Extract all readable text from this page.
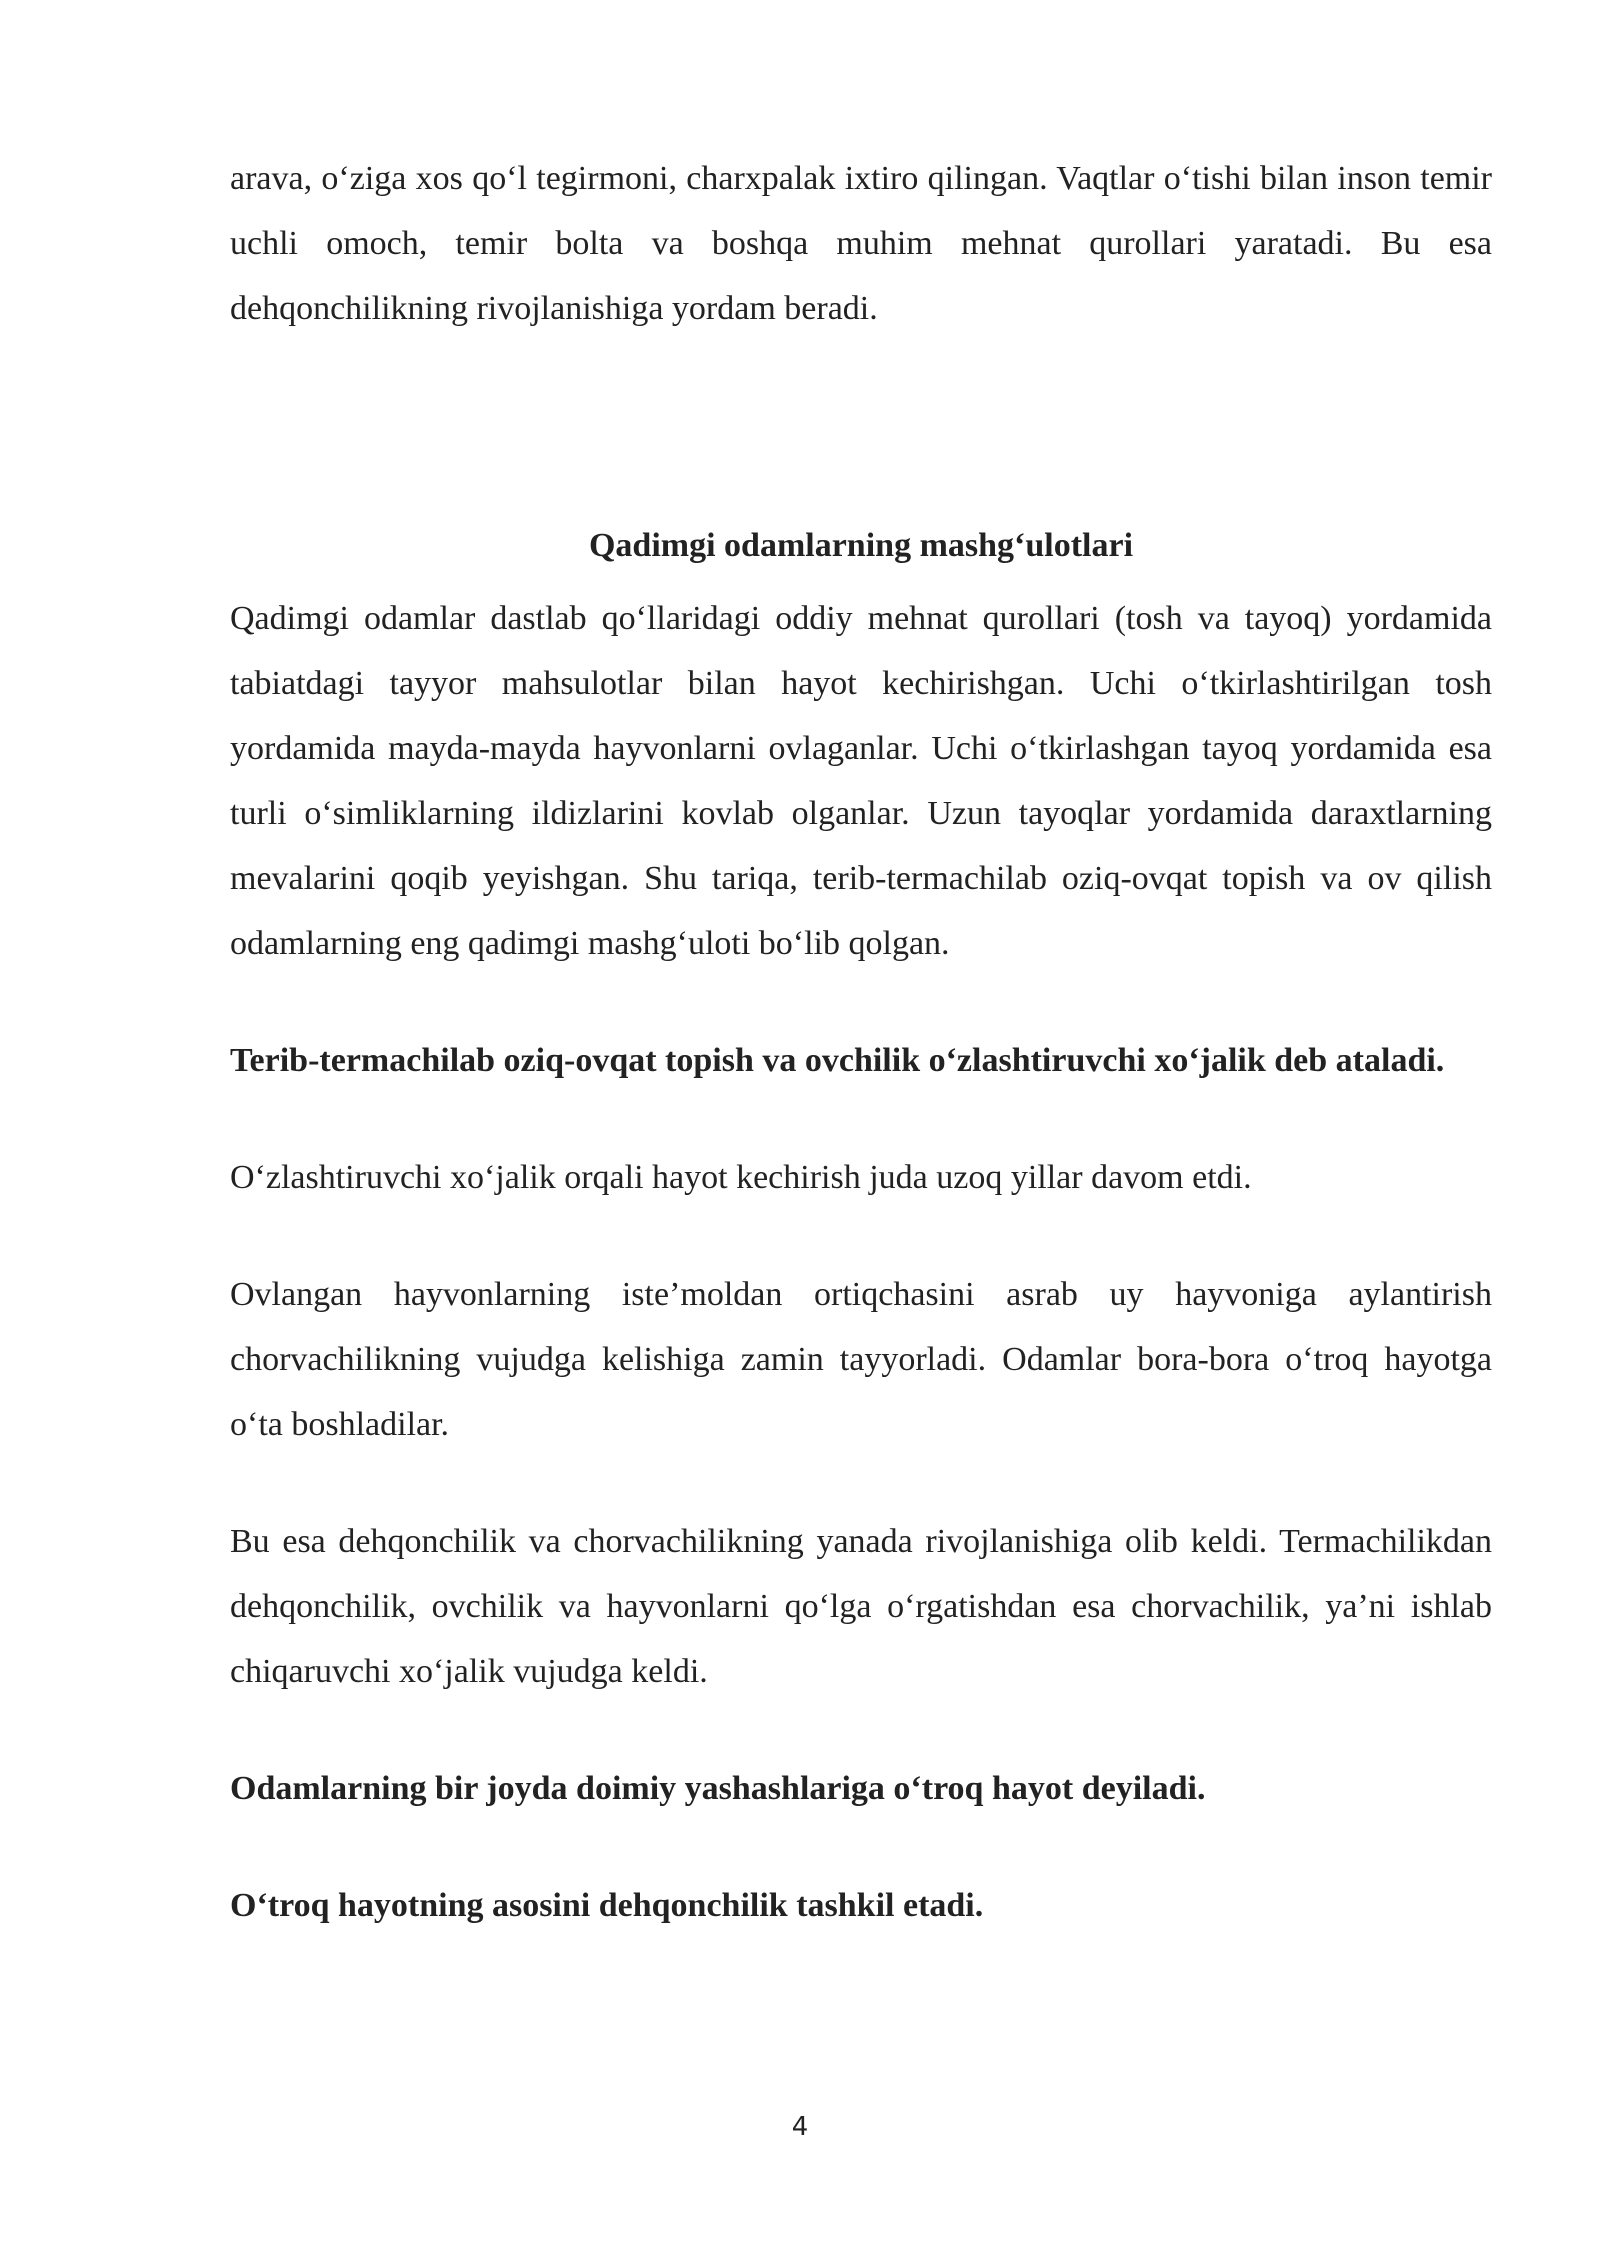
arava, o‘ziga xos qo‘l tegirmoni, charxpalak ixtiro qilingan. Vaqtlar o‘tishi bilan inson temir uchli omoch, temir bolta va boshqa muhim mehnat qurollari yaratadi. Bu esa dehqonchilikning rivojlanishiga yordam beradi.

Qadimgi odamlarning mashg‘ulotlari

Qadimgi odamlar dastlab qo‘llaridagi oddiy mehnat qurollari (tosh va tayoq) yordamida tabiatdagi tayyor mahsulotlar bilan hayot kechirishgan. Uchi o‘tkirlashtirilgan tosh yordamida mayda-mayda hayvonlarni ovlaganlar. Uchi o‘tkirlashgan tayoq yordamida esa turli o‘simliklarning ildizlarini kovlab olganlar. Uzun tayoqlar yordamida daraxtlarning mevalarini qoqib yeyishgan. Shu tariqa, terib-termachilab oziq-ovqat topish va ov qilish odamlarning eng qadimgi mashg‘uloti bo‘lib qolgan.

Terib-termachilab oziq-ovqat topish va ovchilik o‘zlashtiruvchi xo‘jalik deb ataladi.

O‘zlashtiruvchi xo‘jalik orqali hayot kechirish juda uzoq yillar davom etdi.

Ovlangan hayvonlarning iste’moldan ortiqchasini asrab uy hayvoniga aylantirish chorvachilikning vujudga kelishiga zamin tayyorladi. Odamlar bora-bora o‘troq hayotga o‘ta boshladilar.

Bu esa dehqonchilik va chorvachilikning yanada rivojlanishiga olib keldi. Termachilikdan dehqonchilik, ovchilik va hayvonlarni qo‘lga o‘rgatishdan esa chorvachilik, ya’ni ishlab chiqaruvchi xo‘jalik vujudga keldi.

Odamlarning bir joyda doimiy yashashlariga o‘troq hayot deyiladi.

O‘troq hayotning asosini dehqonchilik tashkil etadi.

4
